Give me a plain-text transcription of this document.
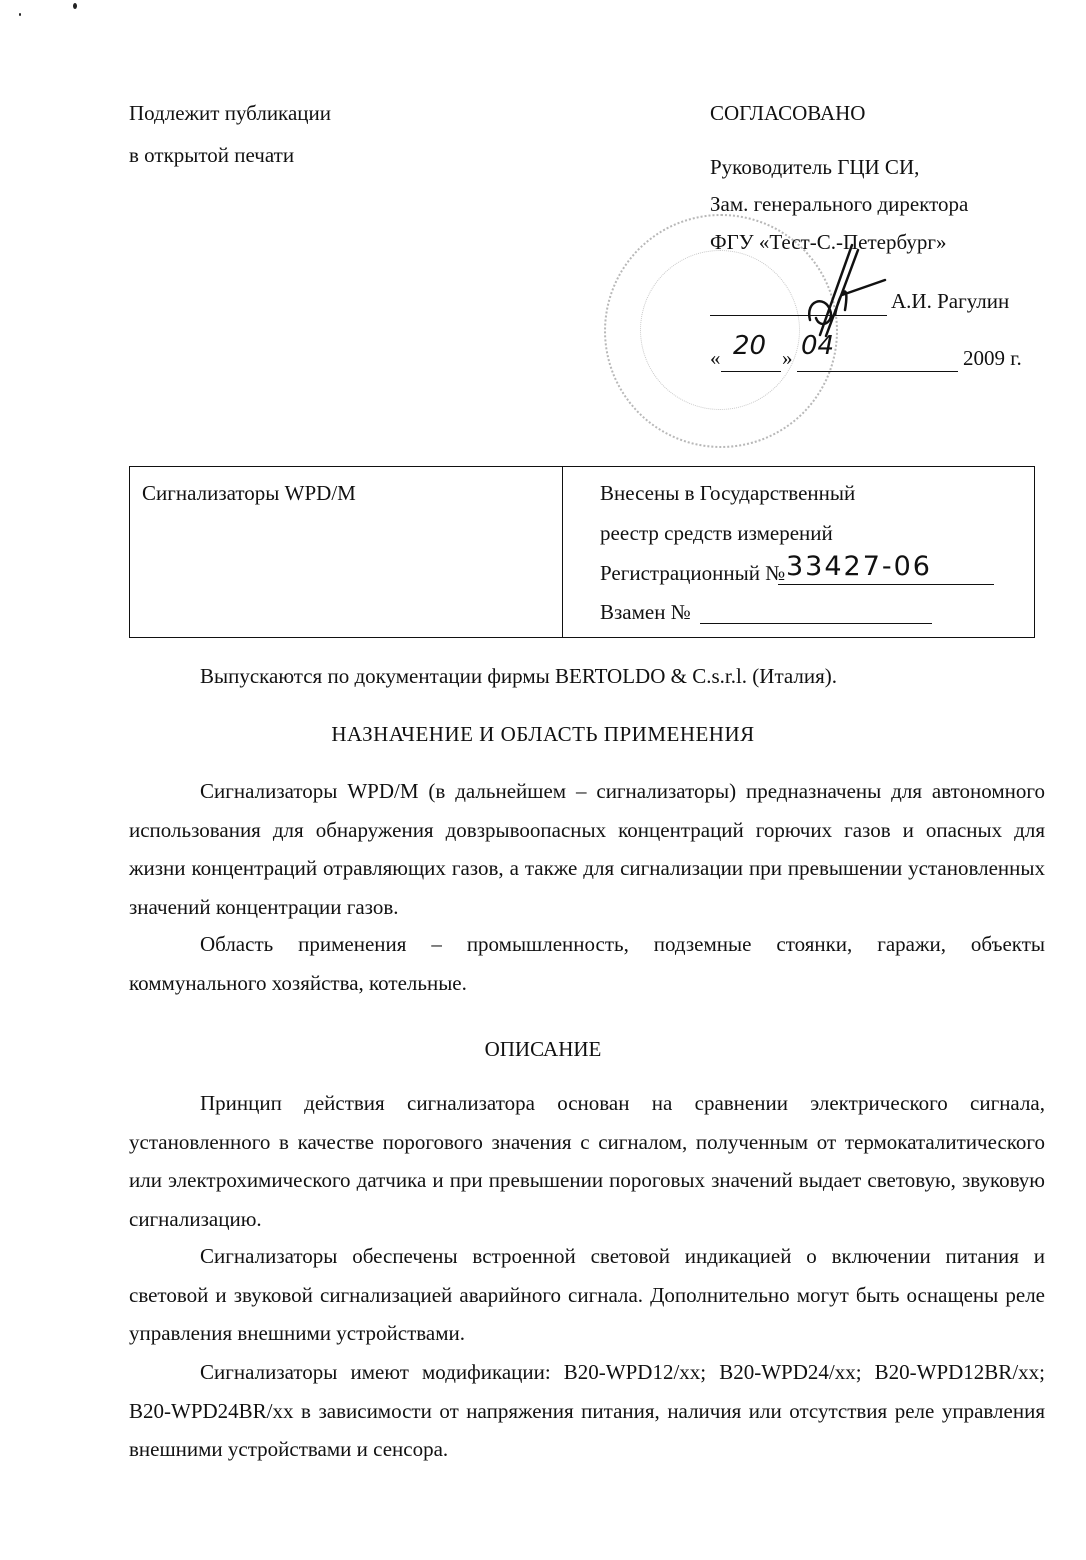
Подлежит публикации
в открытой печати
СОГЛАСОВАНО
Руководитель ГЦИ СИ,
Зам. генерального директора
ФГУ «Тест-С.-Петербург»
А.И. Рагулин
« 20 » 04	2009 г.
Сигнализаторы WPD/M	Внесены в Государственный
реестр средств измерений
Регистрационный № 33427-06
Взамен №
Выпускаются по документации фирмы BERTOLDO & C.s.r.l. (Италия).
НАЗНАЧЕНИЕ И ОБЛАСТЬ ПРИМЕНЕНИЯ
Сигнализаторы WPD/M (в дальнейшем – сигнализаторы) предназначены для автономного использования для обнаружения довзрывоопасных концентраций горючих газов и опасных для жизни концентраций отравляющих газов, а также для сигнализации при превышении установленных значений концентрации газов.
Область применения – промышленность, подземные стоянки, гаражи, объекты коммунального хозяйства, котельные.
ОПИСАНИЕ
Принцип действия сигнализатора основан на сравнении электрического сигнала, установленного в качестве порогового значения с сигналом, полученным от термокаталитического или электрохимического датчика и при превышении пороговых значений выдает световую, звуковую сигнализацию.
Сигнализаторы обеспечены встроенной световой индикацией о включении питания и световой и звуковой сигнализацией аварийного сигнала. Дополнительно могут быть оснащены реле управления внешними устройствами.
Сигнализаторы имеют модификации: B20-WPD12/xx; B20-WPD24/xx; B20-WPD12BR/xx; B20-WPD24BR/xx в зависимости от напряжения питания, наличия или отсутствия реле управления внешними устройствами и сенсора.
